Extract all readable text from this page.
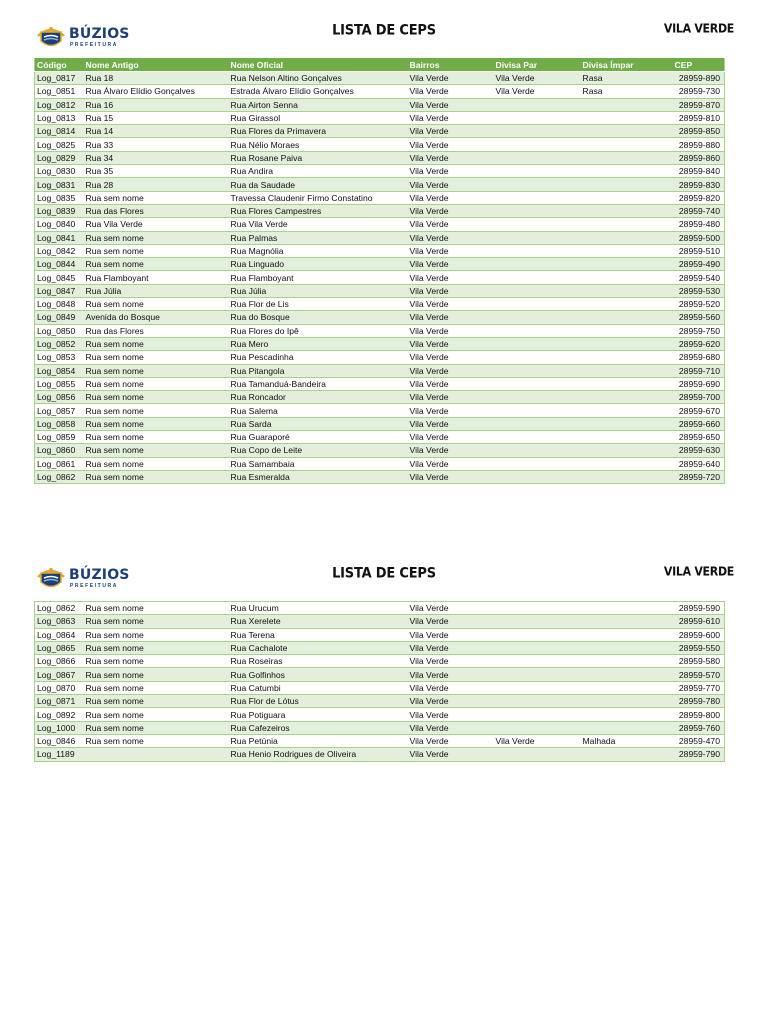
BÚZIOS
PREFEITURA
LISTA DE CEPS	VILA VERDE
Código	Nome Antigo	Nome Oficial	Bairros	Divisa Par	Divisa Ímpar	CEP
Log_0817	Rua 18	Rua Nelson Altino Gonçalves	Vila Verde	Vila Verde	Rasa	28959-890
Log_0851	Rua Álvaro Elídio Gonçalves	Estrada Álvaro Elídio Gonçalves	Vila Verde	Vila Verde	Rasa	28959-730
Log_0812	Rua 16	Rua Airton Senna	Vila Verde			28959-870
Log_0813	Rua 15	Rua Girassol	Vila Verde			28959-810
Log_0814	Rua 14	Rua Flores da Primavera	Vila Verde			28959-850
Log_0825	Rua 33	Rua Nélio Moraes	Vila Verde			28959-880
Log_0829	Rua 34	Rua Rosane Paiva	Vila Verde			28959-860
Log_0830	Rua 35	Rua Andira	Vila Verde			28959-840
Log_0831	Rua 28	Rua da Saudade	Vila Verde			28959-830
Log_0835	Rua sem nome	Travessa Claudenir Firmo Constatino	Vila Verde			28959-820
Log_0839	Rua das Flores	Rua Flores Campestres	Vila Verde			28959-740
Log_0840	Rua Vila Verde	Rua Vila Verde	Vila Verde			28959-480
Log_0841	Rua sem nome	Rua Palmas	Vila Verde			28959-500
Log_0842	Rua sem nome	Rua Magnólia	Vila Verde			28959-510
Log_0844	Rua sem nome	Rua Linguado	Vila Verde			28959-490
Log_0845	Rua Flamboyant	Rua Flamboyant	Vila Verde			28959-540
Log_0847	Rua Júlia	Rua Júlia	Vila Verde			28959-530
Log_0848	Rua sem nome	Rua Flor de Lis	Vila Verde			28959-520
Log_0849	Avenida do Bosque	Rua do Bosque	Vila Verde			28959-560
Log_0850	Rua das Flores	Rua Flores do Ipê	Vila Verde			28959-750
Log_0852	Rua sem nome	Rua Mero	Vila Verde			28959-620
Log_0853	Rua sem nome	Rua Pescadinha	Vila Verde			28959-680
Log_0854	Rua sem nome	Rua Pitangola	Vila Verde			28959-710
Log_0855	Rua sem nome	Rua Tamanduá-Bandeira	Vila Verde			28959-690
Log_0856	Rua sem nome	Rua Roncador	Vila Verde			28959-700
Log_0857	Rua sem nome	Rua Salema	Vila Verde			28959-670
Log_0858	Rua sem nome	Rua Sarda	Vila Verde			28959-660
Log_0859	Rua sem nome	Rua Guaraporé	Vila Verde			28959-650
Log_0860	Rua sem nome	Rua Copo de Leite	Vila Verde			28959-630
Log_0861	Rua sem nome	Rua Samambaia	Vila Verde			28959-640
Log_0862	Rua sem nome	Rua Esmeralda	Vila Verde			28959-720
BÚZIOS
PREFEITURA
LISTA DE CEPS	VILA VERDE
Log_0862	Rua sem nome	Rua Urucum	Vila Verde			28959-590
Log_0863	Rua sem nome	Rua Xerelete	Vila Verde			28959-610
Log_0864	Rua sem nome	Rua Terena	Vila Verde			28959-600
Log_0865	Rua sem nome	Rua Cachalote	Vila Verde			28959-550
Log_0866	Rua sem nome	Rua Roseiras	Vila Verde			28959-580
Log_0867	Rua sem nome	Rua Golfinhos	Vila Verde			28959-570
Log_0870	Rua sem nome	Rua Catumbi	Vila Verde			28959-770
Log_0871	Rua sem nome	Rua Flor de Lótus	Vila Verde			28959-780
Log_0892	Rua sem nome	Rua Potiguara	Vila Verde			28959-800
Log_1000	Rua sem nome	Rua Cafezeiros	Vila Verde			28959-760
Log_0846	Rua sem nome	Rua Petúnia	Vila Verde	Vila Verde	Malhada	28959-470
Log_1189		Rua Henio Rodrigues de Oliveira	Vila Verde			28959-790
